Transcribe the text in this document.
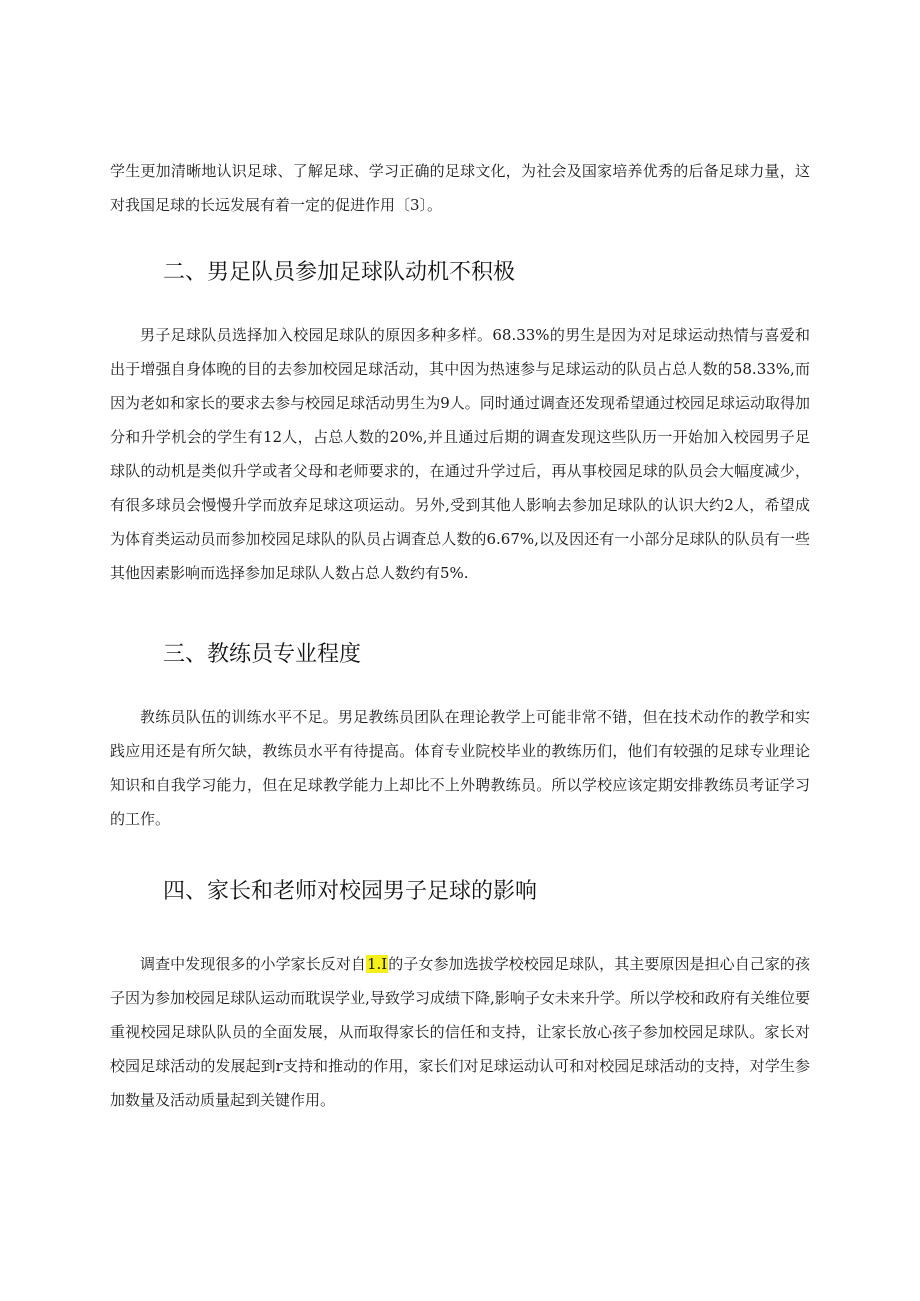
学生更加清晰地认识足球、了解足球、学习正确的足球文化，为社会及国家培养优秀的后备足球力量，这对我国足球的长远发展有着一定的促进作用〔3〕。

二、男足队员参加足球队动机不积极

男子足球队员选择加入校园足球队的原因多种多样。68.33%的男生是因为对足球运动热情与喜爱和出于增强自身体晚的目的去参加校园足球活动，其中因为热速参与足球运动的队员占总人数的58.33%,而因为老如和家长的要求去参与校园足球活动男生为9人。同时通过调查还发现希望通过校园足球运动取得加分和升学机会的学生有12人，占总人数的20%,并且通过后期的调查发现这些队历一开始加入校园男子足球队的动机是类似升学或者父母和老师要求的，在通过升学过后，再从事校园足球的队员会大幅度减少，有很多球员会慢慢升学而放弃足球这项运动。另外,受到其他人影响去参加足球队的认识大约2人，希望成为体育类运动员而参加校园足球队的队员占调査总人数的6.67%,以及因还有一小部分足球队的队员有一些其他因素影响而选择参加足球队人数占总人数约有5%.

三、教练员专业程度

教练员队伍的训练水平不足。男足教练员团队在理论教学上可能非常不错，但在技术动作的教学和实践应用还是有所欠缺，教练员水平有待提高。体育专业院校毕业的教练历们，他们有较强的足球专业理论知识和自我学习能力，但在足球教学能力上却比不上外聘教练员。所以学校应该定期安排教练员考证学习的工作。

四、家长和老师对校园男子足球的影响

调查中发现很多的小学家长反对自1.I的子女参加选拔学校校园足球队，其主要原因是担心自己家的孩子因为参加校园足球队运动而耽误学业,导致学习成绩下降,影响子女未来升学。所以学校和政府有关维位要重视校园足球队队员的全面发展，从而取得家长的信任和支持，让家长放心孩子参加校园足球队。家长对校园足球活动的发展起到r支持和推动的作用，家长们对足球运动认可和对校园足球活动的支持，对学生参加数量及活动质量起到关键作用。
